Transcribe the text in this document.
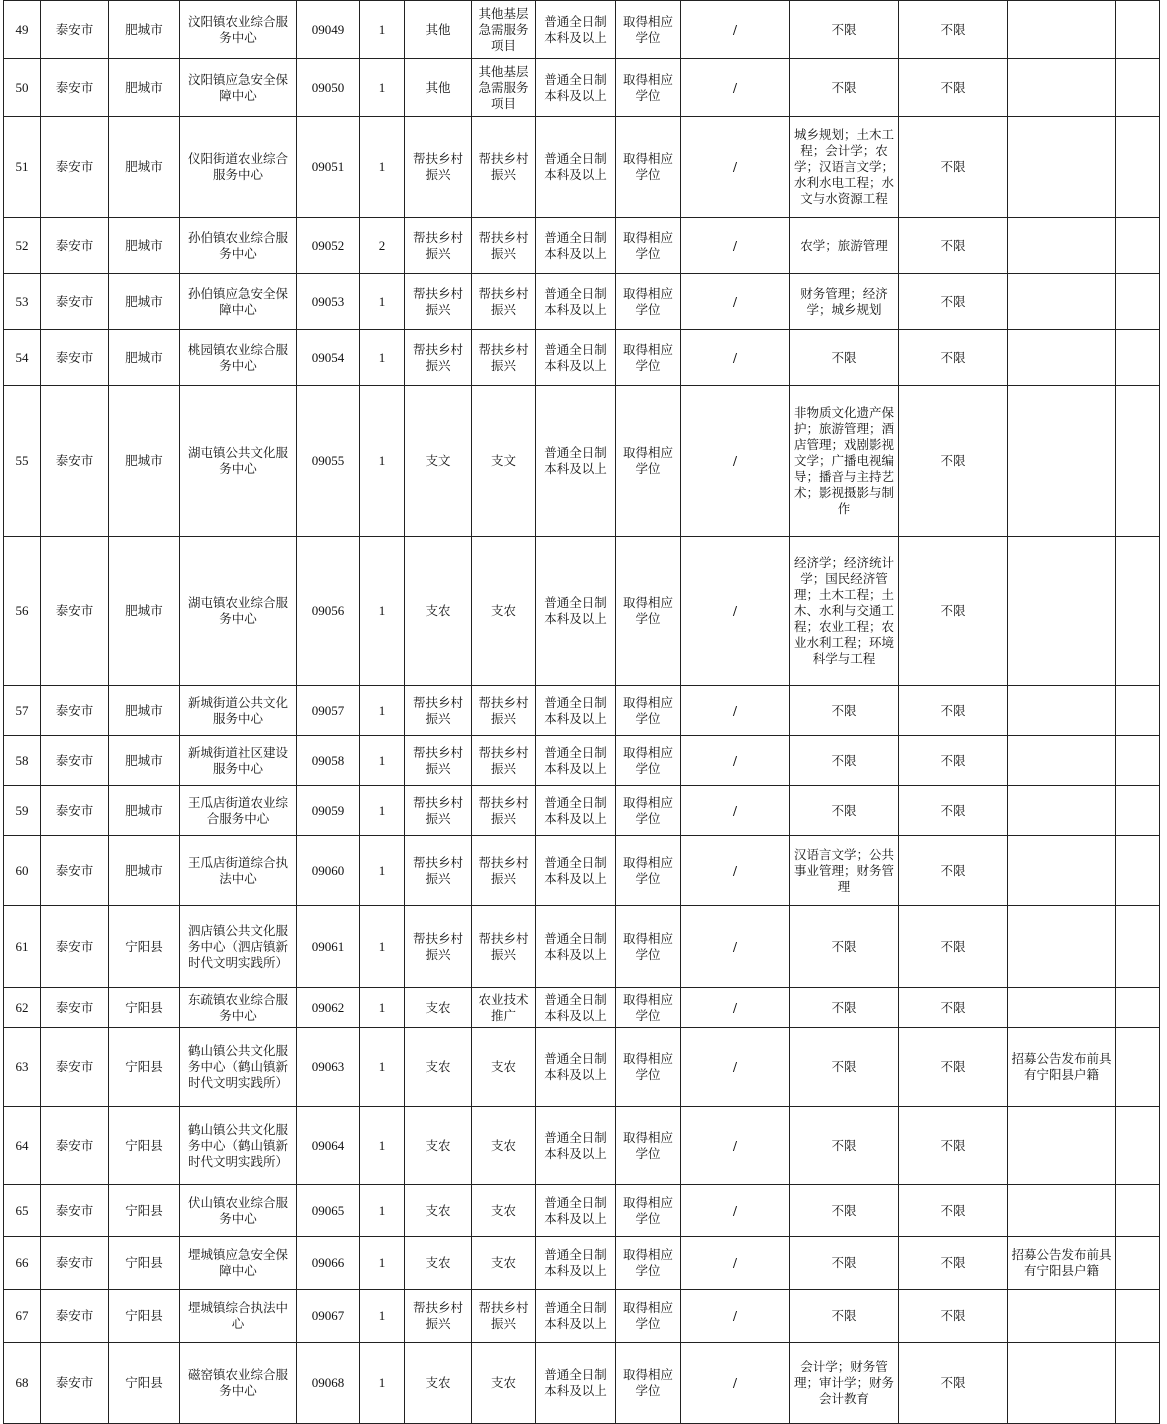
49	泰安市	肥城市	汶阳镇农业综合服务中心	09049	1	其他	其他基层急需服务项目	普通全日制本科及以上	取得相应学位	/	不限	不限		
50	泰安市	肥城市	汶阳镇应急安全保障中心	09050	1	其他	其他基层急需服务项目	普通全日制本科及以上	取得相应学位	/	不限	不限		
51	泰安市	肥城市	仪阳街道农业综合服务中心	09051	1	帮扶乡村振兴	帮扶乡村振兴	普通全日制本科及以上	取得相应学位	/	城乡规划；土木工程；会计学；农学；汉语言文学；水利水电工程；水文与水资源工程	不限		
52	泰安市	肥城市	孙伯镇农业综合服务中心	09052	2	帮扶乡村振兴	帮扶乡村振兴	普通全日制本科及以上	取得相应学位	/	农学；旅游管理	不限		
53	泰安市	肥城市	孙伯镇应急安全保障中心	09053	1	帮扶乡村振兴	帮扶乡村振兴	普通全日制本科及以上	取得相应学位	/	财务管理；经济学；城乡规划	不限		
54	泰安市	肥城市	桃园镇农业综合服务中心	09054	1	帮扶乡村振兴	帮扶乡村振兴	普通全日制本科及以上	取得相应学位	/	不限	不限		
55	泰安市	肥城市	湖屯镇公共文化服务中心	09055	1	支文	支文	普通全日制本科及以上	取得相应学位	/	非物质文化遗产保护；旅游管理；酒店管理；戏剧影视文学；广播电视编导；播音与主持艺术；影视摄影与制作	不限		
56	泰安市	肥城市	湖屯镇农业综合服务中心	09056	1	支农	支农	普通全日制本科及以上	取得相应学位	/	经济学；经济统计学；国民经济管理；土木工程；土木、水利与交通工程；农业工程；农业水利工程；环境科学与工程	不限		
57	泰安市	肥城市	新城街道公共文化服务中心	09057	1	帮扶乡村振兴	帮扶乡村振兴	普通全日制本科及以上	取得相应学位	/	不限	不限		
58	泰安市	肥城市	新城街道社区建设服务中心	09058	1	帮扶乡村振兴	帮扶乡村振兴	普通全日制本科及以上	取得相应学位	/	不限	不限		
59	泰安市	肥城市	王瓜店街道农业综合服务中心	09059	1	帮扶乡村振兴	帮扶乡村振兴	普通全日制本科及以上	取得相应学位	/	不限	不限		
60	泰安市	肥城市	王瓜店街道综合执法中心	09060	1	帮扶乡村振兴	帮扶乡村振兴	普通全日制本科及以上	取得相应学位	/	汉语言文学；公共事业管理；财务管理	不限		
61	泰安市	宁阳县	泗店镇公共文化服务中心（泗店镇新时代文明实践所）	09061	1	帮扶乡村振兴	帮扶乡村振兴	普通全日制本科及以上	取得相应学位	/	不限	不限		
62	泰安市	宁阳县	东疏镇农业综合服务中心	09062	1	支农	农业技术推广	普通全日制本科及以上	取得相应学位	/	不限	不限		
63	泰安市	宁阳县	鹤山镇公共文化服务中心（鹤山镇新时代文明实践所）	09063	1	支农	支农	普通全日制本科及以上	取得相应学位	/	不限	不限	招募公告发布前具有宁阳县户籍	
64	泰安市	宁阳县	鹤山镇公共文化服务中心（鹤山镇新时代文明实践所）	09064	1	支农	支农	普通全日制本科及以上	取得相应学位	/	不限	不限		
65	泰安市	宁阳县	伏山镇农业综合服务中心	09065	1	支农	支农	普通全日制本科及以上	取得相应学位	/	不限	不限		
66	泰安市	宁阳县	堽城镇应急安全保障中心	09066	1	支农	支农	普通全日制本科及以上	取得相应学位	/	不限	不限	招募公告发布前具有宁阳县户籍	
67	泰安市	宁阳县	堽城镇综合执法中心	09067	1	帮扶乡村振兴	帮扶乡村振兴	普通全日制本科及以上	取得相应学位	/	不限	不限		
68	泰安市	宁阳县	磁窑镇农业综合服务中心	09068	1	支农	支农	普通全日制本科及以上	取得相应学位	/	会计学；财务管理；审计学；财务会计教育	不限		
